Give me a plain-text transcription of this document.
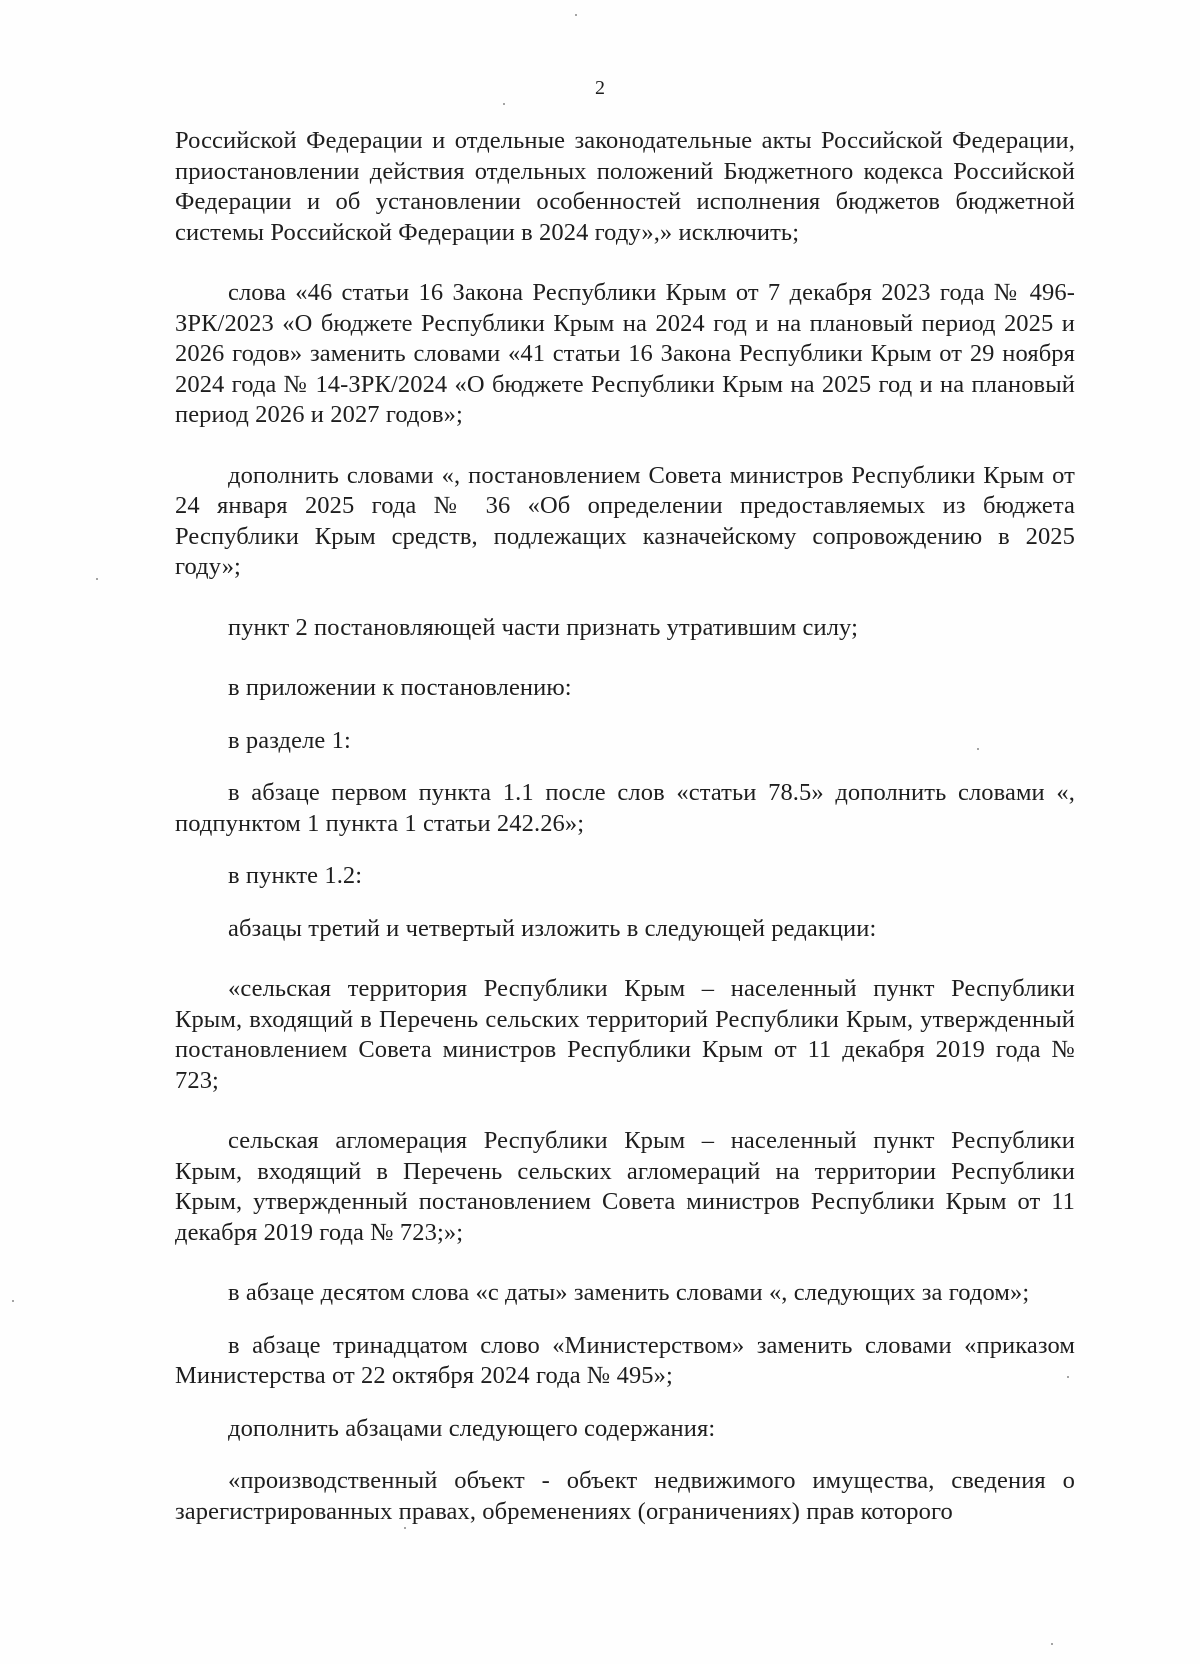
2

Российской Федерации и отдельные законодательные акты Российской Федерации, приостановлении действия отдельных положений Бюджетного кодекса Российской Федерации и об установлении особенностей исполнения бюджетов бюджетной системы Российской Федерации в 2024 году»,» исключить;

слова «46 статьи 16 Закона Республики Крым от 7 декабря 2023 года № 496-ЗРК/2023 «О бюджете Республики Крым на 2024 год и на плановый период 2025 и 2026 годов» заменить словами «41 статьи 16 Закона Республики Крым от 29 ноября 2024 года № 14-ЗРК/2024 «О бюджете Республики Крым на 2025 год и на плановый период 2026 и 2027 годов»;

дополнить словами «, постановлением Совета министров Республики Крым от 24 января 2025 года № 36 «Об определении предоставляемых из бюджета Республики Крым средств, подлежащих казначейскому сопровождению в 2025 году»;

пункт 2 постановляющей части признать утратившим силу;

в приложении к постановлению:

в разделе 1:

в абзаце первом пункта 1.1 после слов «статьи 78.5» дополнить словами «, подпунктом 1 пункта 1 статьи 242.26»;

в пункте 1.2:

абзацы третий и четвертый изложить в следующей редакции:

«сельская территория Республики Крым – населенный пункт Республики Крым, входящий в Перечень сельских территорий Республики Крым, утвержденный постановлением Совета министров Республики Крым от 11 декабря 2019 года № 723;

сельская агломерация Республики Крым – населенный пункт Республики Крым, входящий в Перечень сельских агломераций на территории Республики Крым, утвержденный постановлением Совета министров Республики Крым от 11 декабря 2019 года № 723;»;

в абзаце десятом слова «с даты» заменить словами «, следующих за годом»;

в абзаце тринадцатом слово «Министерством» заменить словами «приказом Министерства от 22 октября 2024 года № 495»;

дополнить абзацами следующего содержания:

«производственный объект - объект недвижимого имущества, сведения о зарегистрированных правах, обременениях (ограничениях) прав которого
